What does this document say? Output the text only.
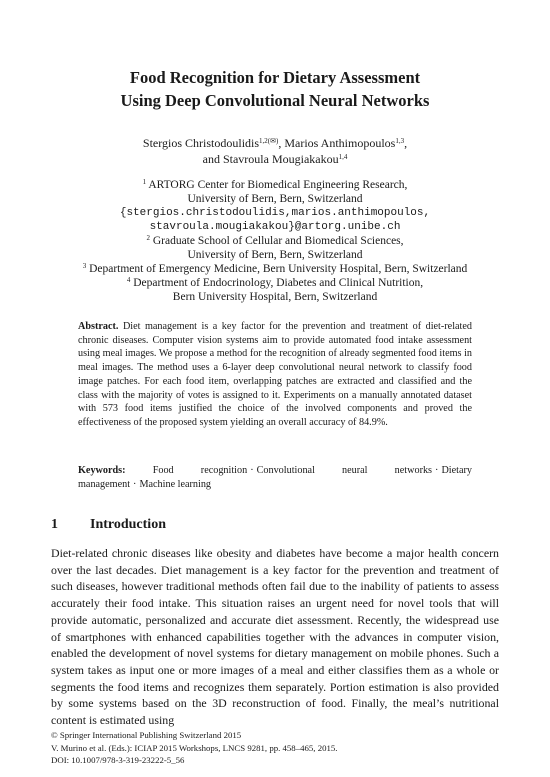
Food Recognition for Dietary Assessment
Using Deep Convolutional Neural Networks
Stergios Christodoulidis$^{1,2(✉)}$, Marios Anthimopoulos$^{1,3}$,
and Stavroula Mougiakakou$^{1,4}$
$^1$ ARTORG Center for Biomedical Engineering Research,
University of Bern, Bern, Switzerland
{stergios.christodoulidis,marios.anthimopoulos,
stavroula.mougiakakou}@artorg.unibe.ch
$^2$ Graduate School of Cellular and Biomedical Sciences,
University of Bern, Bern, Switzerland
$^3$ Department of Emergency Medicine, Bern University Hospital, Bern, Switzerland
$^4$ Department of Endocrinology, Diabetes and Clinical Nutrition,
Bern University Hospital, Bern, Switzerland
Abstract. Diet management is a key factor for the prevention and treatment of diet-related chronic diseases. Computer vision systems aim to provide automated food intake assessment using meal images. We propose a method for the recognition of already segmented food items in meal images. The method uses a 6-layer deep convolutional neural network to classify food image patches. For each food item, overlapping patches are extracted and classified and the class with the majority of votes is assigned to it. Experiments on a manually annotated dataset with 573 food items justified the choice of the involved components and proved the effectiveness of the proposed system yielding an overall accuracy of 84.9%.
Keywords:	Food recognition · Convolutional neural networks · Dietary management · Machine learning
1 Introduction

Diet-related chronic diseases like obesity and diabetes have become a major health concern over the last decades. Diet management is a key factor for the prevention and treatment of such diseases, however traditional methods often fail due to the inability of patients to assess accurately their food intake. This situation raises an urgent need for novel tools that will provide automatic, personalized and accurate diet assessment. Recently, the widespread use of smartphones with enhanced capabilities together with the advances in computer vision, enabled the development of novel systems for dietary management on mobile phones. Such a system takes as input one or more images of a meal and either classifies them as a whole or segments the food items and recognizes them separately. Portion estimation is also provided by some systems based on the 3D reconstruction of food. Finally, the meal’s nutritional content is estimated using

© Springer International Publishing Switzerland 2015
V. Murino et al. (Eds.): ICIAP 2015 Workshops, LNCS 9281, pp. 458–465, 2015.
DOI: 10.1007/978-3-319-23222-5_56
